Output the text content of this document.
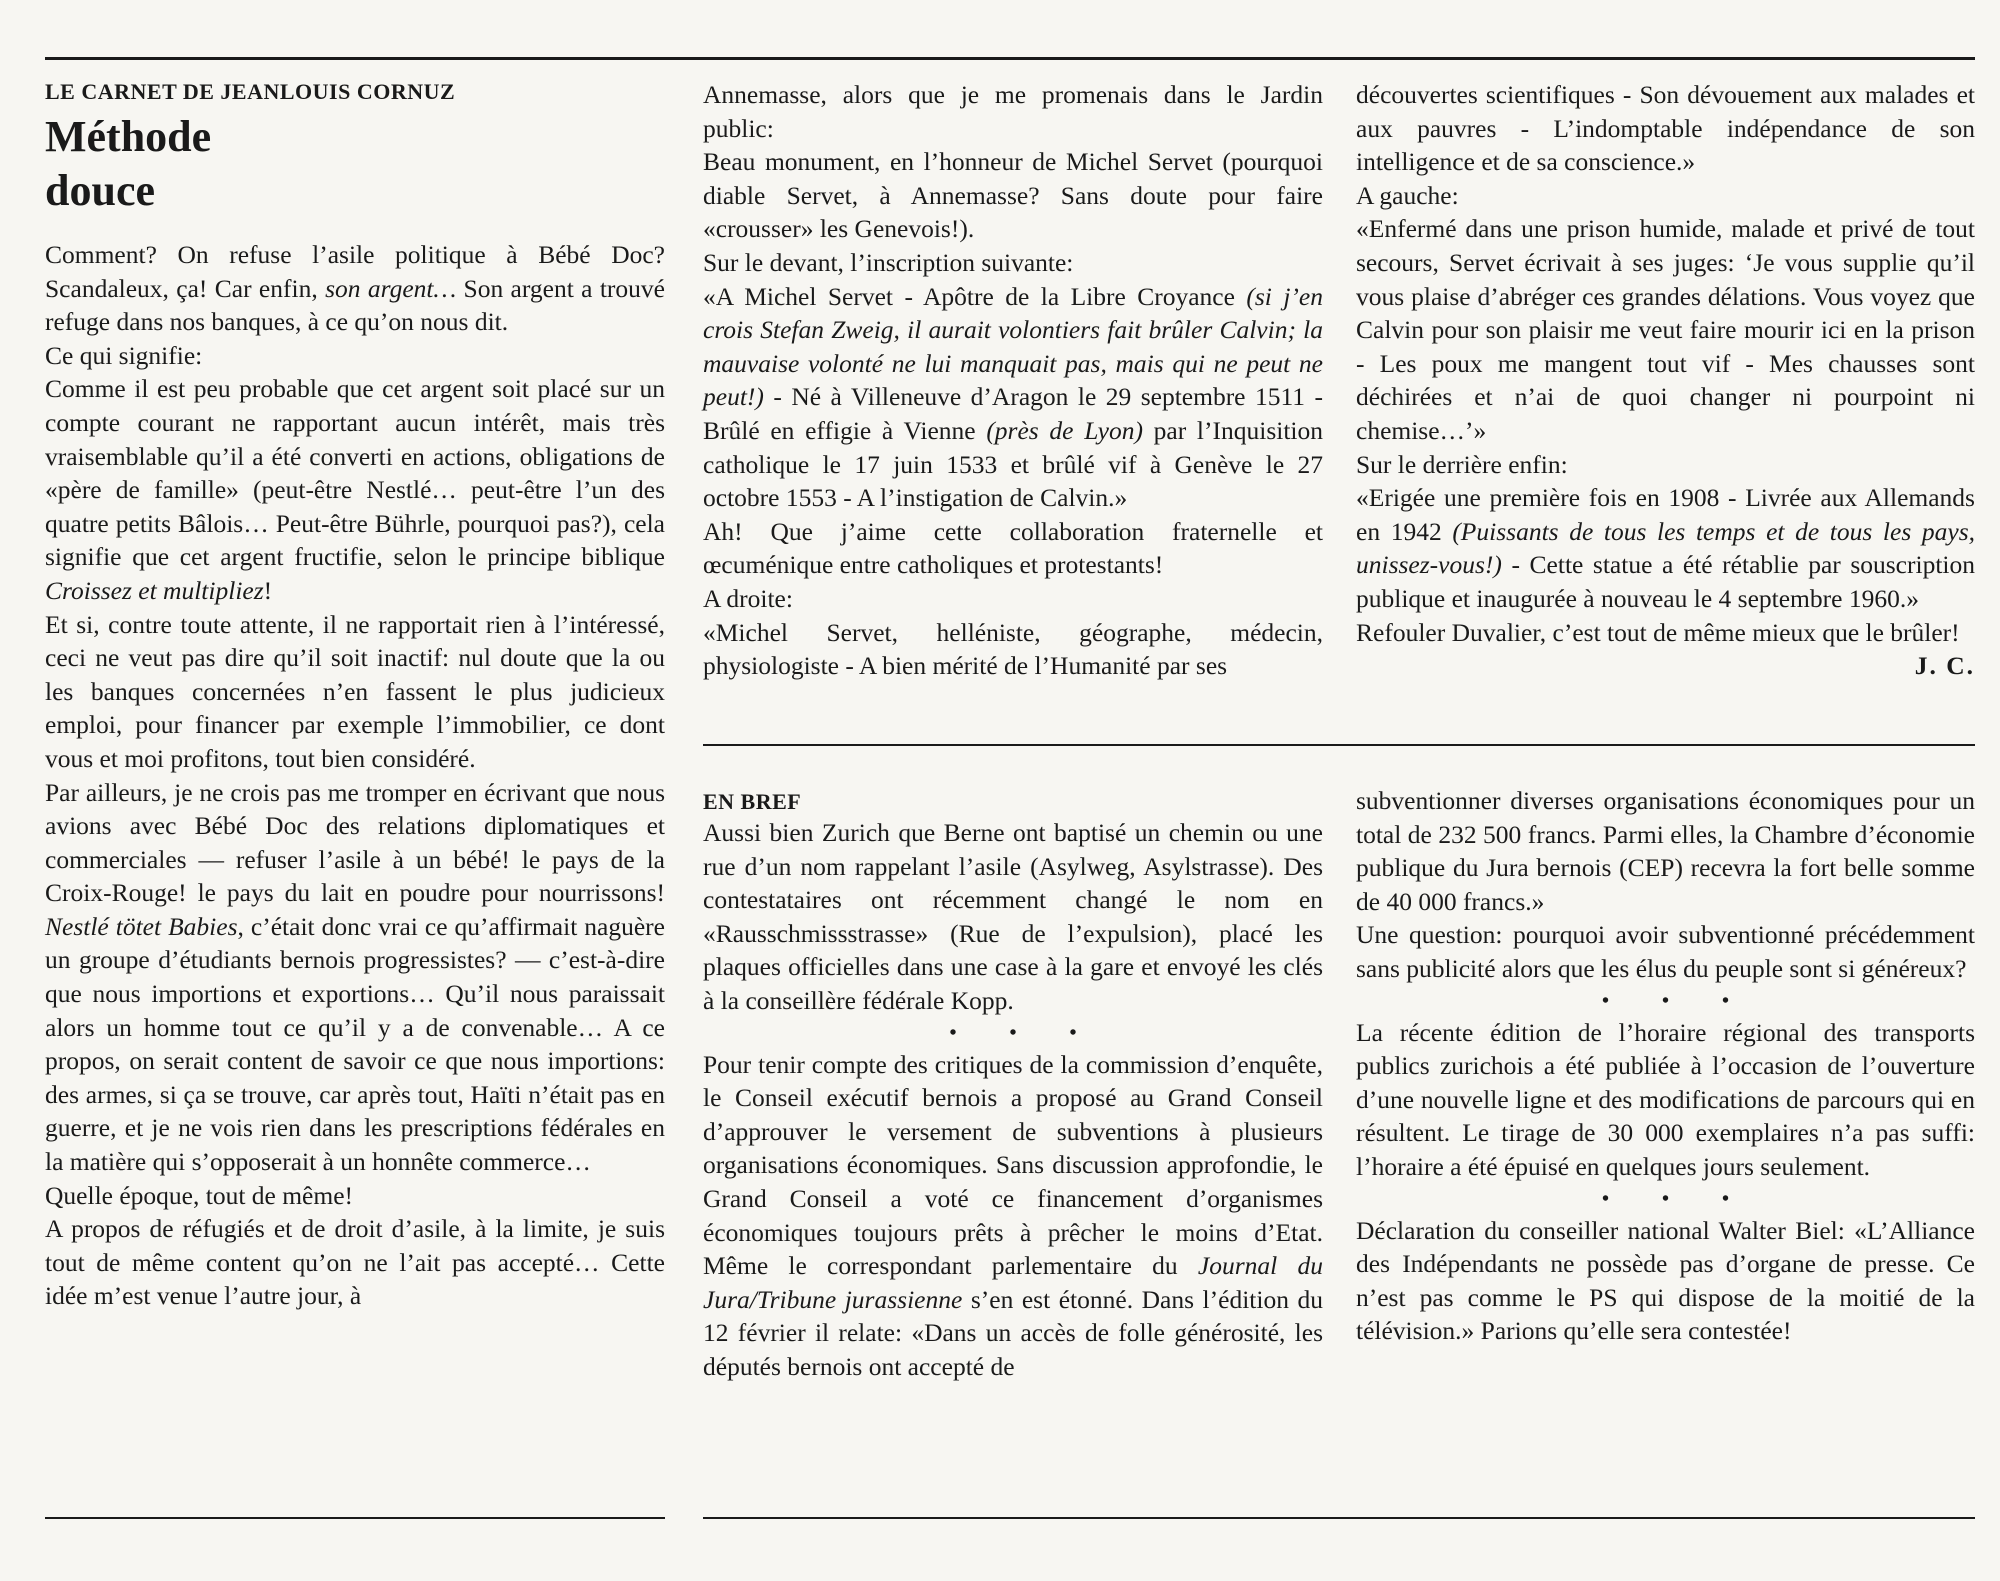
LE CARNET DE JEANLOUIS CORNUZ

Méthode
douce

Comment? On refuse l’asile politique à Bébé Doc? Scandaleux, ça! Car enfin, son argent… Son argent a trouvé refuge dans nos banques, à ce qu’on nous dit.

Ce qui signifie:

Comme il est peu probable que cet argent soit placé sur un compte courant ne rapportant aucun intérêt, mais très vraisemblable qu’il a été converti en actions, obligations de «père de famille» (peut-être Nestlé… peut-être l’un des quatre petits Bâlois… Peut-être Bührle, pourquoi pas?), cela signifie que cet argent fructifie, selon le principe biblique Croissez et multipliez!

Et si, contre toute attente, il ne rapportait rien à l’intéressé, ceci ne veut pas dire qu’il soit inactif: nul doute que la ou les banques concernées n’en fassent le plus judicieux emploi, pour financer par exemple l’immobilier, ce dont vous et moi profitons, tout bien considéré.

Par ailleurs, je ne crois pas me tromper en écrivant que nous avions avec Bébé Doc des relations diplomatiques et commerciales — refuser l’asile à un bébé! le pays de la Croix-Rouge! le pays du lait en poudre pour nourrissons! Nestlé tötet Babies, c’était donc vrai ce qu’affirmait naguère un groupe d’étudiants bernois progressistes? — c’est-à-dire que nous importions et exportions… Qu’il nous paraissait alors un homme tout ce qu’il y a de convenable… A ce propos, on serait content de savoir ce que nous importions: des armes, si ça se trouve, car après tout, Haïti n’était pas en guerre, et je ne vois rien dans les prescriptions fédérales en la matière qui s’opposerait à un honnête commerce…

Quelle époque, tout de même!

A propos de réfugiés et de droit d’asile, à la limite, je suis tout de même content qu’on ne l’ait pas accepté… Cette idée m’est venue l’autre jour, à

Annemasse, alors que je me promenais dans le Jardin public:

Beau monument, en l’honneur de Michel Servet (pourquoi diable Servet, à Annemasse? Sans doute pour faire «crousser» les Genevois!).

Sur le devant, l’inscription suivante:

«A Michel Servet - Apôtre de la Libre Croyance (si j’en crois Stefan Zweig, il aurait volontiers fait brûler Calvin; la mauvaise volonté ne lui manquait pas, mais qui ne peut ne peut!) - Né à Villeneuve d’Aragon le 29 septembre 1511 - Brûlé en effigie à Vienne (près de Lyon) par l’Inquisition catholique le 17 juin 1533 et brûlé vif à Genève le 27 octobre 1553 - A l’instigation de Calvin.»

Ah! Que j’aime cette collaboration fraternelle et œcuménique entre catholiques et protestants!

A droite:

«Michel Servet, helléniste, géographe, médecin, physiologiste - A bien mérité de l’Humanité par ses

découvertes scientifiques - Son dévouement aux malades et aux pauvres - L’indomptable indépendance de son intelligence et de sa conscience.»

A gauche:

«Enfermé dans une prison humide, malade et privé de tout secours, Servet écrivait à ses juges: ‘Je vous supplie qu’il vous plaise d’abréger ces grandes délations. Vous voyez que Calvin pour son plaisir me veut faire mourir ici en la prison - Les poux me mangent tout vif - Mes chausses sont déchirées et n’ai de quoi changer ni pourpoint ni chemise…’»

Sur le derrière enfin:

«Erigée une première fois en 1908 - Livrée aux Allemands en 1942 (Puissants de tous les temps et de tous les pays, unissez-vous!) - Cette statue a été rétablie par souscription publique et inaugurée à nouveau le 4 septembre 1960.»

Refouler Duvalier, c’est tout de même mieux que le brûler!
J. C.

EN BREF

Aussi bien Zurich que Berne ont baptisé un chemin ou une rue d’un nom rappelant l’asile (Asylweg, Asylstrasse). Des contestataires ont récemment changé le nom en «Rausschmissstrasse» (Rue de l’expulsion), placé les plaques officielles dans une case à la gare et envoyé les clés à la conseillère fédérale Kopp.

• • •

Pour tenir compte des critiques de la commission d’enquête, le Conseil exécutif bernois a proposé au Grand Conseil d’approuver le versement de subventions à plusieurs organisations économiques. Sans discussion approfondie, le Grand Conseil a voté ce financement d’organismes économiques toujours prêts à prêcher le moins d’Etat. Même le correspondant parlementaire du Journal du Jura/Tribune jurassienne s’en est étonné. Dans l’édition du 12 février il relate: «Dans un accès de folle générosité, les députés bernois ont accepté de

subventionner diverses organisations économiques pour un total de 232 500 francs. Parmi elles, la Chambre d’économie publique du Jura bernois (CEP) recevra la fort belle somme de 40 000 francs.»

Une question: pourquoi avoir subventionné précédemment sans publicité alors que les élus du peuple sont si généreux?

• • •

La récente édition de l’horaire régional des transports publics zurichois a été publiée à l’occasion de l’ouverture d’une nouvelle ligne et des modifications de parcours qui en résultent. Le tirage de 30 000 exemplaires n’a pas suffi: l’horaire a été épuisé en quelques jours seulement.

• • •

Déclaration du conseiller national Walter Biel: «L’Alliance des Indépendants ne possède pas d’organe de presse. Ce n’est pas comme le PS qui dispose de la moitié de la télévision.» Parions qu’elle sera contestée!
